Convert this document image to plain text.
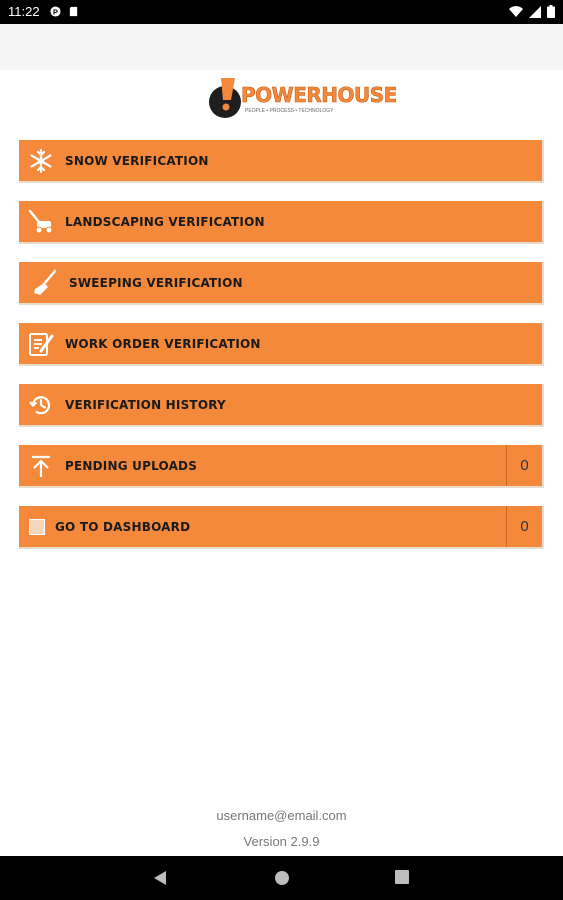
11:22 P
POWERHOUSE
PEOPLE • PROCESS • TECHNOLOGY
SNOW VERIFICATION
LANDSCAPING VERIFICATION
SWEEPING VERIFICATION
WORK ORDER VERIFICATION
VERIFICATION HISTORY
PENDING UPLOADS	0
GO TO DASHBOARD	0
username@email.com
Version 2.9.9
